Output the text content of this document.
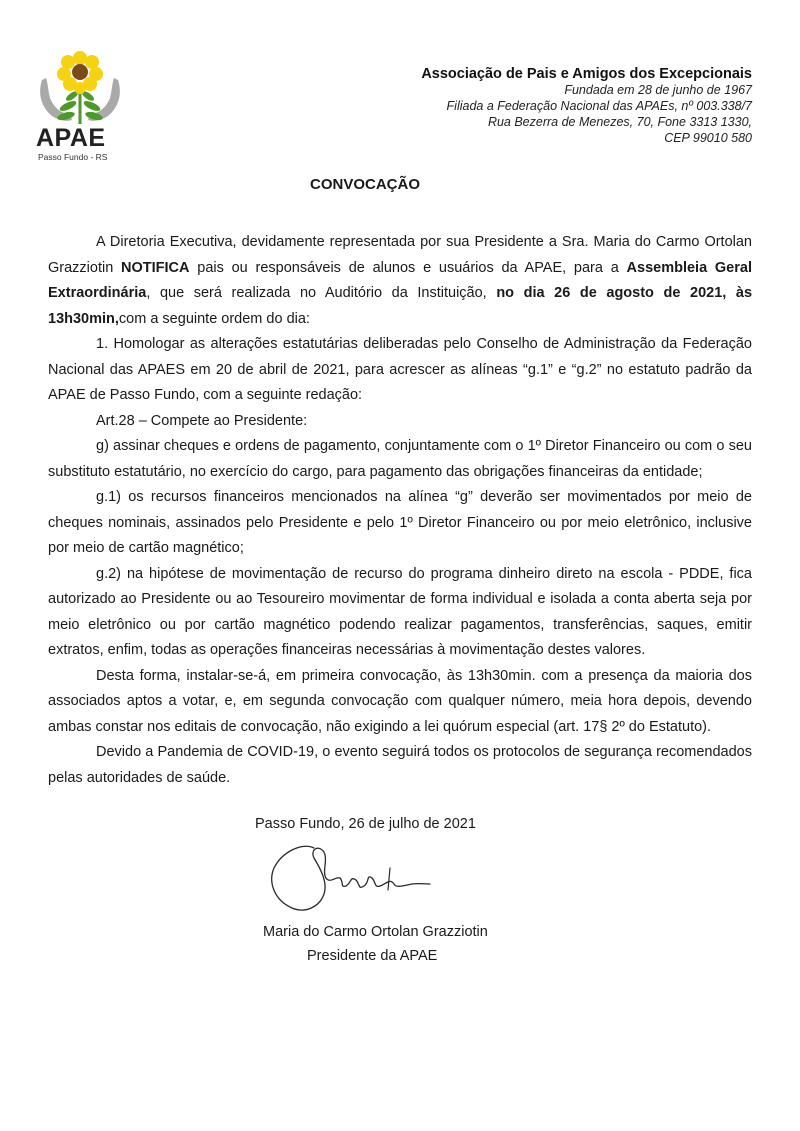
APAE
Passo Fundo - RS
Associação de Pais e Amigos dos Excepcionais
Fundada em 28 de junho de 1967
Filiada a Federação Nacional das APAEs, nº 003.338/7
Rua Bezerra de Menezes, 70, Fone 3313 1330,
CEP 99010 580
CONVOCAÇÃO

A Diretoria Executiva, devidamente representada por sua Presidente a Sra. Maria do Carmo Ortolan Grazziotin NOTIFICA pais ou responsáveis de alunos e usuários da APAE, para a Assembleia Geral Extraordinária, que será realizada no Auditório da Instituição, no dia 26 de agosto de 2021, às 13h30min,com a seguinte ordem do dia:

1. Homologar as alterações estatutárias deliberadas pelo Conselho de Administração da Federação Nacional das APAES em 20 de abril de 2021, para acrescer as alíneas “g.1” e “g.2” no estatuto padrão da APAE de Passo Fundo, com a seguinte redação:

Art.28 – Compete ao Presidente:

g) assinar cheques e ordens de pagamento, conjuntamente com o 1º Diretor Financeiro ou com o seu substituto estatutário, no exercício do cargo, para pagamento das obrigações financeiras da entidade;

g.1) os recursos financeiros mencionados na alínea “g” deverão ser movimentados por meio de cheques nominais, assinados pelo Presidente e pelo 1º Diretor Financeiro ou por meio eletrônico, inclusive por meio de cartão magnético;

g.2) na hipótese de movimentação de recurso do programa dinheiro direto na escola - PDDE, fica autorizado ao Presidente ou ao Tesoureiro movimentar de forma individual e isolada a conta aberta seja por meio eletrônico ou por cartão magnético podendo realizar pagamentos, transferências, saques, emitir extratos, enfim, todas as operações financeiras necessárias à movimentação destes valores.

Desta forma, instalar-se-á, em primeira convocação, às 13h30min. com a presença da maioria dos associados aptos a votar, e, em segunda convocação com qualquer número, meia hora depois, devendo ambas constar nos editais de convocação, não exigindo a lei quórum especial (art. 17§ 2º do Estatuto).

Devido a Pandemia de COVID-19, o evento seguirá todos os protocolos de segurança recomendados pelas autoridades de saúde.

Passo Fundo, 26 de julho de 2021
Maria do Carmo Ortolan Grazziotin
Presidente da APAE
